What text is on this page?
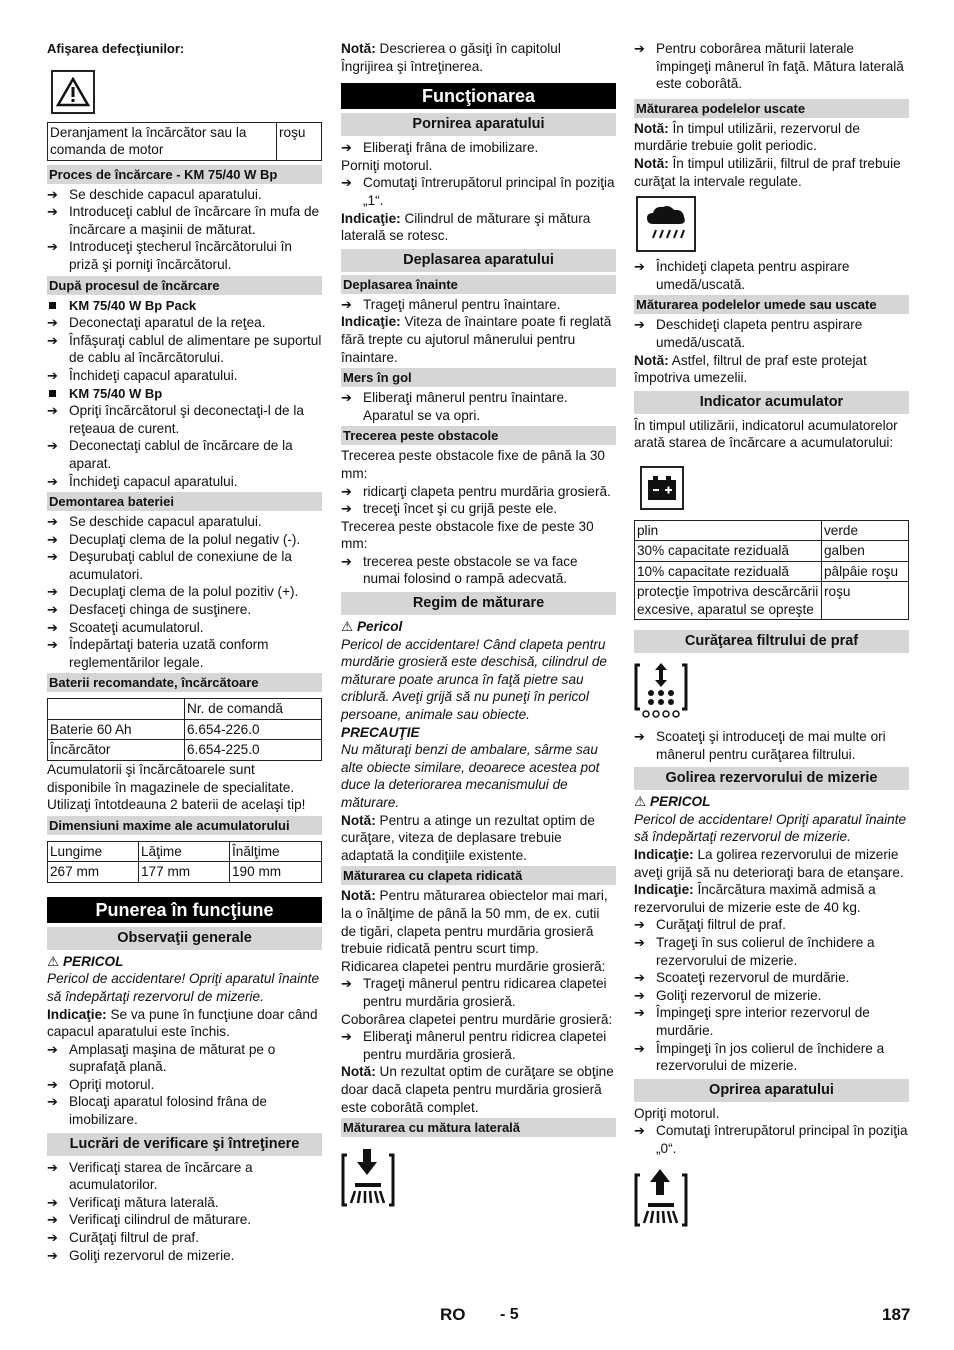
Afişarea defecţiunilor:

Deranjament la încărcător sau la comanda de motor	roşu
Proces de încărcare - KM 75/40 W Bp

➔ Se deschide capacul aparatului.

➔ Introduceţi cablul de încărcare în mufa de încărcare a maşinii de măturat.

➔ Introduceţi ştecherul încărcătorului în priză şi porniţi încărcătorul.

După procesul de încărcare

KM 75/40 W Bp Pack

➔ Deconectaţi aparatul de la reţea.

➔ Înfăşuraţi cablul de alimentare pe suportul de cablu al încărcătorului.

➔ Închideţi capacul aparatului.

KM 75/40 W Bp

➔ Opriţi încărcătorul şi deconectaţi-l de la reţeaua de curent.

➔ Deconectaţi cablul de încărcare de la aparat.

➔ Închideţi capacul aparatului.

Demontarea bateriei

➔ Se deschide capacul aparatului.

➔ Decuplaţi clema de la polul negativ (-).

➔ Deşurubaţi cablul de conexiune de la acumulatori.

➔ Decuplaţi clema de la polul pozitiv (+).

➔ Desfaceţi chinga de susţinere.

➔ Scoateţi acumulatorul.

➔ Îndepărtaţi bateria uzată conform reglementărilor legale.

Baterii recomandate, încărcătoare
	Nr. de comandă
Baterie 60 Ah	6.654-226.0
Încărcător	6.654-225.0

Acumulatorii şi încărcătoarele sunt disponibile în magazinele de specialitate.

Utilizaţi întotdeauna 2 baterii de acelaşi tip!

Dimensiuni maxime ale acumulatorului
Lungime	Lăţime	Înălţime
267 mm	177 mm	190 mm
Punerea în funcţiune
Observaţii generale

⚠ PERICOL

Pericol de accidentare! Opriţi aparatul înainte să îndepărtaţi rezervorul de mizerie.

Indicaţie: Se va pune în funcţiune doar când capacul aparatului este închis.

➔ Amplasaţi maşina de măturat pe o suprafaţă plană.

➔ Opriţi motorul.

➔ Blocaţi aparatul folosind frâna de imobilizare.

Lucrări de verificare şi întreţinere

➔ Verificaţi starea de încărcare a acumulatorilor.

➔ Verificaţi mătura laterală.

➔ Verificaţi cilindrul de măturare.

➔ Curăţaţi filtrul de praf.

➔ Goliţi rezervorul de mizerie.

Notă: Descrierea o găsiţi în capitolul Îngrijirea şi întreţinerea.

Funcţionarea
Pornirea aparatului

➔ Eliberaţi frâna de imobilizare.

Porniţi motorul.

➔ Comutaţi întrerupătorul principal în poziţia „1“.

Indicaţie: Cilindrul de măturare şi mătura laterală se rotesc.

Deplasarea aparatului
Deplasarea înainte

➔ Trageţi mânerul pentru înaintare.

Indicaţie: Viteza de înaintare poate fi reglată fără trepte cu ajutorul mânerului pentru înaintare.

Mers în gol

➔ Eliberaţi mânerul pentru înaintare. Aparatul se va opri.

Trecerea peste obstacole

Trecerea peste obstacole fixe de până la 30 mm:

➔ ridicarţi clapeta pentru murdăria grosieră.

➔ treceţi încet şi cu grijă peste ele.

Trecerea peste obstacole fixe de peste 30 mm:

➔ trecerea peste obstacole se va face numai folosind o rampă adecvată.

Regim de măturare

⚠ Pericol

Pericol de accidentare! Când clapeta pentru murdărie grosieră este deschisă, cilindrul de măturare poate arunca în faţă pietre sau criblură. Aveţi grijă să nu puneţi în pericol persoane, animale sau obiecte.

PRECAUŢIE

Nu măturaţi benzi de ambalare, sârme sau alte obiecte similare, deoarece acestea pot duce la deteriorarea mecanismului de măturare.

Notă: Pentru a atinge un rezultat optim de curăţare, viteza de deplasare trebuie adaptată la condiţiile existente.

Măturarea cu clapeta ridicată

Notă: Pentru măturarea obiectelor mai mari, la o înălţime de până la 50 mm, de ex. cutii de tigări, clapeta pentru murdăria grosieră trebuie ridicată pentru scurt timp.

Ridicarea clapetei pentru murdărie grosieră:

➔ Trageţi mânerul pentru ridicarea clapetei pentru murdăria grosieră.

Coborârea clapetei pentru murdărie grosieră:

➔ Eliberaţi mânerul pentru ridicrea clapetei pentru murdăria grosieră.

Notă: Un rezultat optim de curăţare se obţine doar dacă clapeta pentru murdăria grosieră este coborâtă complet.

Măturarea cu mătura laterală

➔ Pentru coborârea măturii laterale împingeţi mânerul în faţă. Mătura laterală este coborâtă.

Măturarea podelelor uscate

Notă: În timpul utilizării, rezervorul de murdărie trebuie golit periodic.

Notă: În timpul utilizării, filtrul de praf trebuie curăţat la intervale regulate.

➔ Închideţi clapeta pentru aspirare umedă/uscată.

Măturarea podelelor umede sau uscate

➔ Deschideţi clapeta pentru aspirare umedă/uscată.

Notă: Astfel, filtrul de praf este protejat împotriva umezelii.

Indicator acumulator

În timpul utilizării, indicatorul acumulatorelor arată starea de încărcare a acumulatorului:

plin	verde
30% capacitate reziduală	galben
10% capacitate reziduală	pâlpâie roşu
protecţie împotriva descărcării excesive, aparatul se opreşte	roşu
Curăţarea filtrului de praf

➔ Scoateţi şi introduceţi de mai multe ori mânerul pentru curăţarea filtrului.

Golirea rezervorului de mizerie

⚠ PERICOL

Pericol de accidentare! Opriţi aparatul înainte să îndepărtaţi rezervorul de mizerie.

Indicaţie: La golirea rezervorului de mizerie aveţi grijă să nu deterioraţi bara de etanşare.

Indicaţie: Încărcătura maximă admisă a rezervorului de mizerie este de 40 kg.

➔ Curăţaţi filtrul de praf.

➔ Trageţi în sus colierul de închidere a rezervorului de mizerie.

➔ Scoateţi rezervorul de murdărie.

➔ Goliţi rezervorul de mizerie.

➔ Împingeţi spre interior rezervorul de murdărie.

➔ Împingeţi în jos colierul de închidere a rezervorului de mizerie.

Oprirea aparatului

Opriţi motorul.

➔ Comutaţi întrerupătorul principal în poziţia „0“.

RO - 5	187
